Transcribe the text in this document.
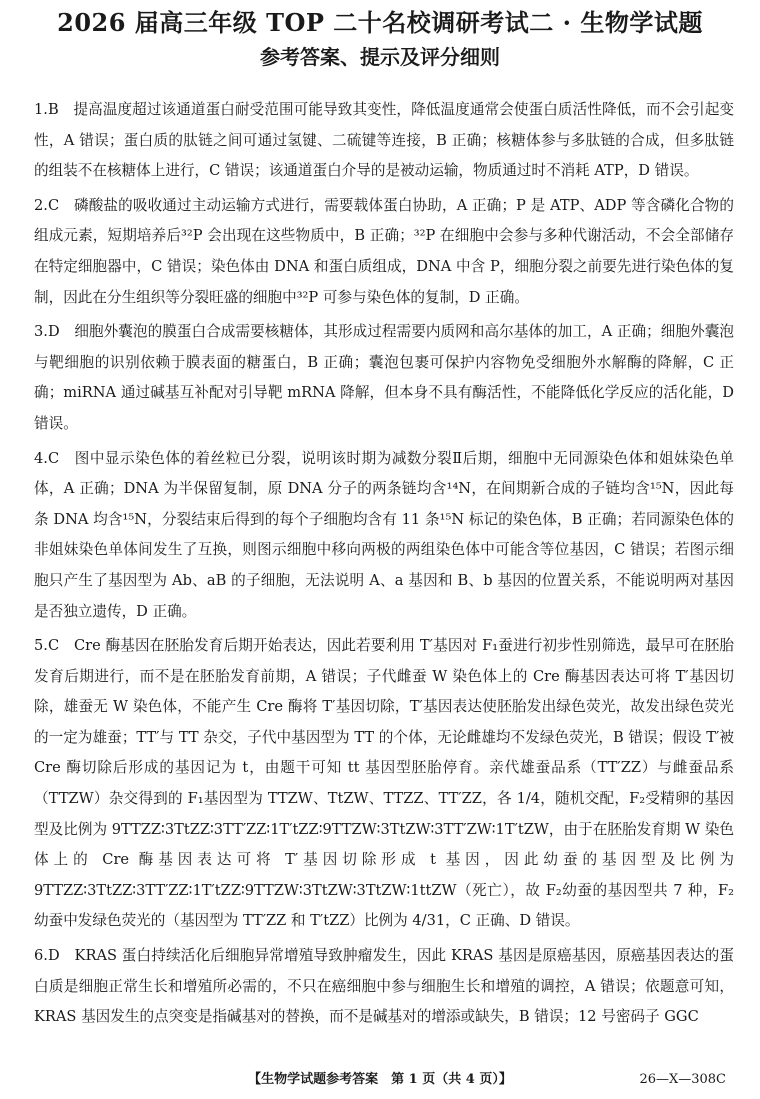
2026 届高三年级 TOP 二十名校调研考试二 · 生物学试题
参考答案、提示及评分细则

1.B　 提高温度超过该通道蛋白耐受范围可能导致其变性，降低温度通常会使蛋白质活性降低，而不会引起变性，A 错误；蛋白质的肽链之间可通过氢键、二硫键等连接，B 正确；核糖体参与多肽链的合成，但多肽链的组装不在核糖体上进行，C 错误；该通道蛋白介导的是被动运输，物质通过时不消耗 ATP，D 错误。

2.C　 磷酸盐的吸收通过主动运输方式进行，需要载体蛋白协助，A 正确；P 是 ATP、ADP 等含磷化合物的组成元素，短期培养后³²P 会出现在这些物质中，B 正确；³²P 在细胞中会参与多种代谢活动，不会全部储存在特定细胞器中，C 错误；染色体由 DNA 和蛋白质组成，DNA 中含 P，细胞分裂之前要先进行染色体的复制，因此在分生组织等分裂旺盛的细胞中³²P 可参与染色体的复制，D 正确。

3.D　 细胞外囊泡的膜蛋白合成需要核糖体，其形成过程需要内质网和高尔基体的加工，A 正确；细胞外囊泡与靶细胞的识别依赖于膜表面的糖蛋白，B 正确；囊泡包裹可保护内容物免受细胞外水解酶的降解，C 正确；miRNA 通过碱基互补配对引导靶 mRNA 降解，但本身不具有酶活性，不能降低化学反应的活化能，D 错误。

4.C　 图中显示染色体的着丝粒已分裂，说明该时期为减数分裂Ⅱ后期，细胞中无同源染色体和姐妹染色单体，A 正确；DNA 为半保留复制，原 DNA 分子的两条链均含¹⁴N，在间期新合成的子链均含¹⁵N，因此每条 DNA 均含¹⁵N，分裂结束后得到的每个子细胞均含有 11 条¹⁵N 标记的染色体，B 正确；若同源染色体的非姐妹染色单体间发生了互换，则图示细胞中移向两极的两组染色体中可能含等位基因，C 错误；若图示细胞只产生了基因型为 Ab、aB 的子细胞，无法说明 A、a 基因和 B、b 基因的位置关系，不能说明两对基因是否独立遗传，D 正确。

5.C　 Cre 酶基因在胚胎发育后期开始表达，因此若要利用 T′基因对 F₁蚕进行初步性别筛选，最早可在胚胎发育后期进行，而不是在胚胎发育前期，A 错误；子代雌蚕 W 染色体上的 Cre 酶基因表达可将 T′基因切除，雄蚕无 W 染色体，不能产生 Cre 酶将 T′基因切除，T′基因表达使胚胎发出绿色荧光，故发出绿色荧光的一定为雄蚕；TT′与 TT 杂交，子代中基因型为 TT 的个体，无论雌雄均不发绿色荧光，B 错误；假设 T′被 Cre 酶切除后形成的基因记为 t，由题干可知 tt 基因型胚胎停育。亲代雄蚕品系（TT′ZZ）与雌蚕品系（TTZW）杂交得到的 F₁基因型为 TTZW、TtZW、TTZZ、TT′ZZ，各 1/4，随机交配，F₂受精卵的基因型及比例为 9TTZZ∶3TtZZ∶3TT′ZZ∶1T′tZZ∶9TTZW∶3TtZW∶3TT′ZW∶1T′tZW，由于在胚胎发育期 W 染色体上的 Cre 酶基因表达可将 T′基因切除形成 t 基因，因此幼蚕的基因型及比例为 9TTZZ∶3TtZZ∶3TT′ZZ∶1T′tZZ∶9TTZW∶3TtZW∶3TtZW∶1ttZW（死亡），故 F₂幼蚕的基因型共 7 种，F₂幼蚕中发绿色荧光的（基因型为 TT′ZZ 和 T′tZZ）比例为 4/31，C 正确、D 错误。

6.D　 KRAS 蛋白持续活化后细胞异常增殖导致肿瘤发生，因此 KRAS 基因是原癌基因，原癌基因表达的蛋白质是细胞正常生长和增殖所必需的，不只在癌细胞中参与细胞生长和增殖的调控，A 错误；依题意可知，KRAS 基因发生的点突变是指碱基对的替换，而不是碱基对的增添或缺失，B 错误；12 号密码子 GGC

【生物学试题参考答案　第 1 页（共 4 页）】	26—X—308C
